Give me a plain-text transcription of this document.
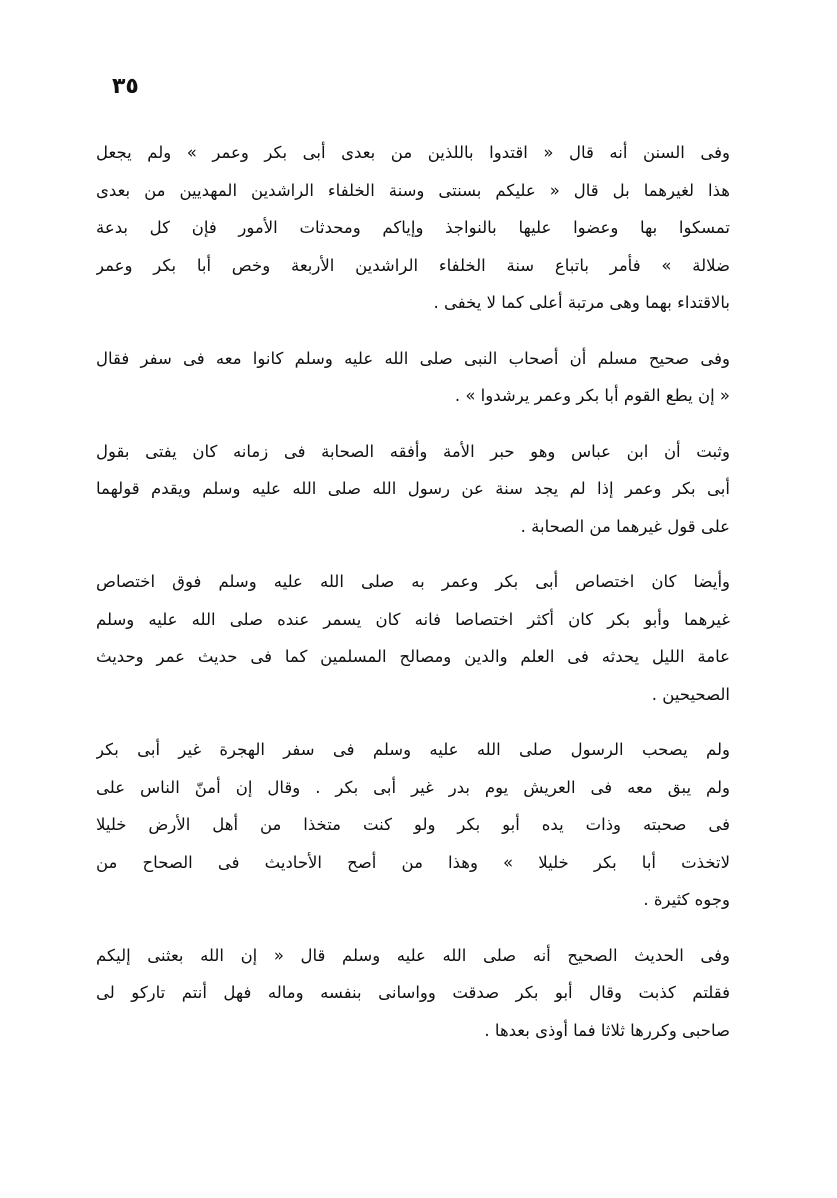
٣٥
وفى السنن أنه قال « اقتدوا باللذين من بعدى أبى بكر وعمر » ولم يجعل
هذا لغيرهما بل قال « عليكم بسنتى وسنة الخلفاء الراشدين المهديين من بعدى
تمسكوا بها وعضوا عليها بالنواجذ وإياكم ومحدثات الأمور فإن كل بدعة
ضلالة » فأمر باتباع سنة الخلفاء الراشدين الأربعة وخص أبا بكر وعمر
بالاقتداء بهما وهى مرتبة أعلى كما لا يخفى .
وفى صحيح مسلم أن أصحاب النبى صلى الله عليه وسلم كانوا معه فى سفر فقال
« إن يطع القوم أبا بكر وعمر يرشدوا » .
وثبت أن ابن عباس وهو حبر الأمة وأفقه الصحابة فى زمانه كان يفتى بقول
أبى بكر وعمر إذا لم يجد سنة عن رسول الله صلى الله عليه وسلم ويقدم قولهما
على قول غيرهما من الصحابة .
وأيضا كان اختصاص أبى بكر وعمر به صلى الله عليه وسلم فوق اختصاص
غيرهما وأبو بكر كان أكثر اختصاصا فانه كان يسمر عنده صلى الله عليه وسلم
عامة الليل يحدثه فى العلم والدين ومصالح المسلمين كما فى حديث عمر وحديث
الصحيحين .
ولم يصحب الرسول صلى الله عليه وسلم فى سفر الهجرة غير أبى بكر
ولم يبق معه فى العريش يوم بدر غير أبى بكر . وقال إن أمنّ الناس على
فى صحبته وذات يده أبو بكر ولو كنت متخذا من أهل الأرض خليلا
لاتخذت أبا بكر خليلا » وهذا من أصح الأحاديث فى الصحاح من
وجوه كثيرة .
وفى الحديث الصحيح أنه صلى الله عليه وسلم قال « إن الله بعثنى إليكم
فقلتم كذبت وقال أبو بكر صدقت وواسانى بنفسه وماله فهل أنتم تاركو لى
صاحبى وكررها ثلاثا فما أوذى بعدها .
